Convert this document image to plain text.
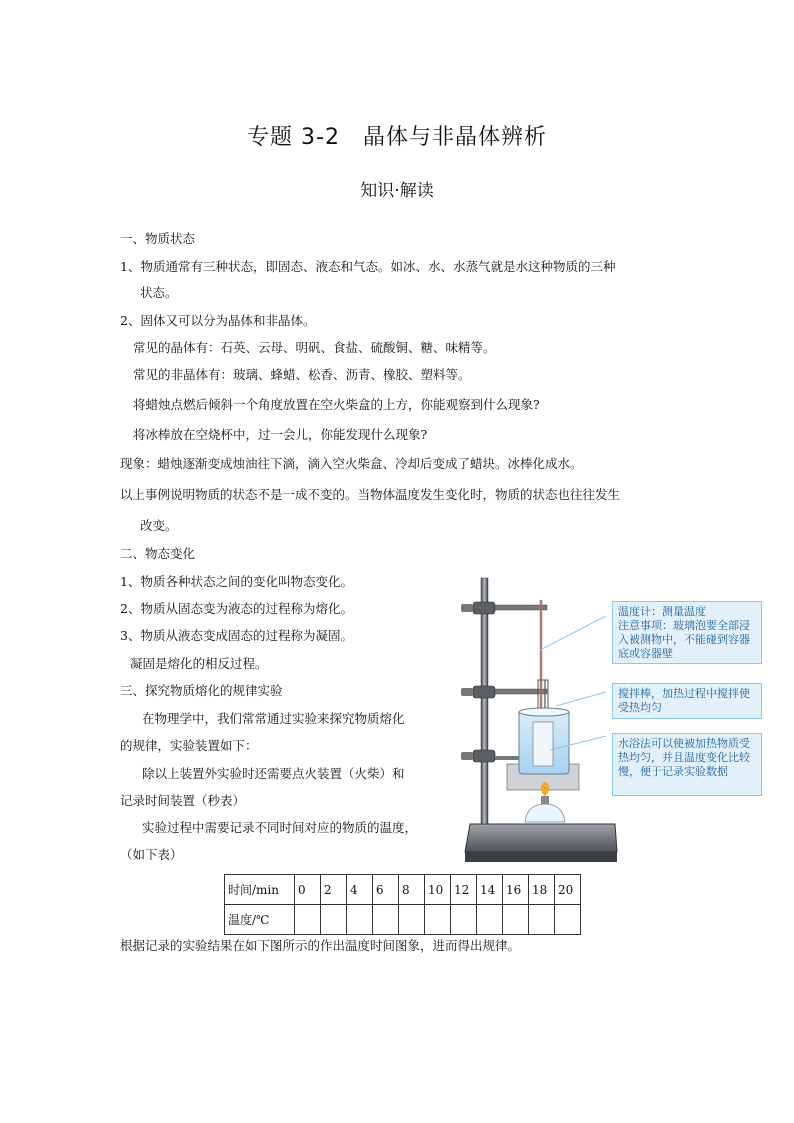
专题 3-2　晶体与非晶体辨析
知识·解读
一、物质状态
1、物质通常有三种状态，即固态、液态和气态。如冰、水、水蒸气就是水这种物质的三种
状态。
2、固体又可以分为晶体和非晶体。
常见的晶体有：石英、云母、明矾、食盐、硫酸铜、糖、味精等。
常见的非晶体有：玻璃、蜂蜡、松香、沥青、橡胶、塑料等。
将蜡烛点燃后倾斜一个角度放置在空火柴盒的上方，你能观察到什么现象?
将冰棒放在空烧杯中，过一会儿，你能发现什么现象?
现象：蜡烛逐渐变成烛油往下滴，滴入空火柴盒、冷却后变成了蜡块。冰棒化成水。
以上事例说明物质的状态不是一成不变的。当物体温度发生变化时，物质的状态也往往发生
改变。
二、物态变化
1、物质各种状态之间的变化叫物态变化。
2、物质从固态变为液态的过程称为熔化。
3、物质从液态变成固态的过程称为凝固。
凝固是熔化的相反过程。
三、探究物质熔化的规律实验
在物理学中，我们常常通过实验来探究物质熔化
的规律，实验装置如下：
除以上装置外实验时还需要点火装置（火柴）和
记录时间装置（秒表）
实验过程中需要记录不同时间对应的物质的温度，
（如下表）
温度计：测量温度
注意事项：玻璃泡要全部浸入被测物中，不能碰到容器底或容器壁
搅拌棒，加热过程中搅拌使受热均匀
水浴法可以使被加热物质受热均匀，并且温度变化比较慢，便于记录实验数据
时间/min	0	2	4	6	8	10	12	14	16	18	20
温度/℃											
根据记录的实验结果在如下图所示的作出温度时间图象，进而得出规律。
